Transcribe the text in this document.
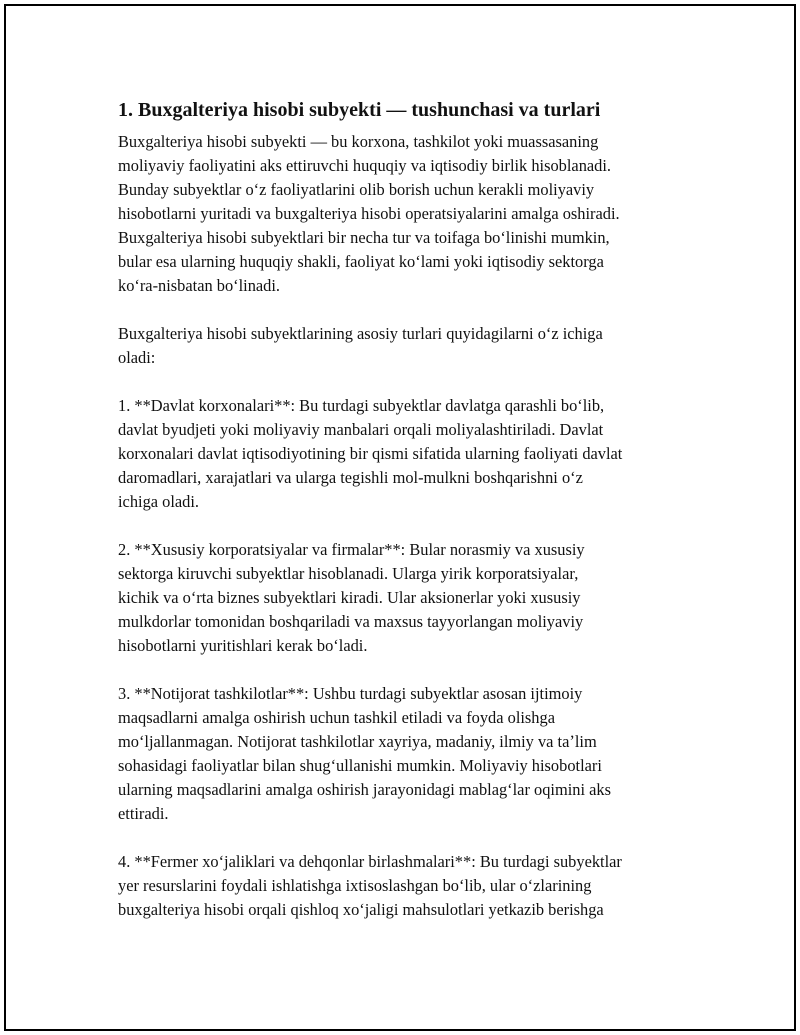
1. Buxgalteriya hisobi subyekti — tushunchasi va turlari

Buxgalteriya hisobi subyekti — bu korxona, tashkilot yoki muassasaning
moliyaviy faoliyatini aks ettiruvchi huquqiy va iqtisodiy birlik hisoblanadi.
Bunday subyektlar oʻz faoliyatlarini olib borish uchun kerakli moliyaviy
hisobotlarni yuritadi va buxgalteriya hisobi operatsiyalarini amalga oshiradi.
Buxgalteriya hisobi subyektlari bir necha tur va toifaga boʻlinishi mumkin,
bular esa ularning huquqiy shakli, faoliyat koʻlami yoki iqtisodiy sektorga
koʻra-nisbatan boʻlinadi.

Buxgalteriya hisobi subyektlarining asosiy turlari quyidagilarni oʻz ichiga
oladi:

1. **Davlat korxonalari**: Bu turdagi subyektlar davlatga qarashli boʻlib,
davlat byudjeti yoki moliyaviy manbalari orqali moliyalashtiriladi. Davlat
korxonalari davlat iqtisodiyotining bir qismi sifatida ularning faoliyati davlat
daromadlari, xarajatlari va ularga tegishli mol-mulkni boshqarishni oʻz
ichiga oladi.

2. **Xususiy korporatsiyalar va firmalar**: Bular norasmiy va xususiy
sektorga kiruvchi subyektlar hisoblanadi. Ularga yirik korporatsiyalar,
kichik va oʻrta biznes subyektlari kiradi. Ular aksionerlar yoki xususiy
mulkdorlar tomonidan boshqariladi va maxsus tayyorlangan moliyaviy
hisobotlarni yuritishlari kerak boʻladi.

3. **Notijorat tashkilotlar**: Ushbu turdagi subyektlar asosan ijtimoiy
maqsadlarni amalga oshirish uchun tashkil etiladi va foyda olishga
moʻljallanmagan. Notijorat tashkilotlar xayriya, madaniy, ilmiy va taʼlim
sohasidagi faoliyatlar bilan shugʻullanishi mumkin. Moliyaviy hisobotlari
ularning maqsadlarini amalga oshirish jarayonidagi mablagʻlar oqimini aks
ettiradi.

4. **Fermer xoʻjaliklari va dehqonlar birlashmalari**: Bu turdagi subyektlar
yer resurslarini foydali ishlatishga ixtisoslashgan boʻlib, ular oʻzlarining
buxgalteriya hisobi orqali qishloq xoʻjaligi mahsulotlari yetkazib berishga
